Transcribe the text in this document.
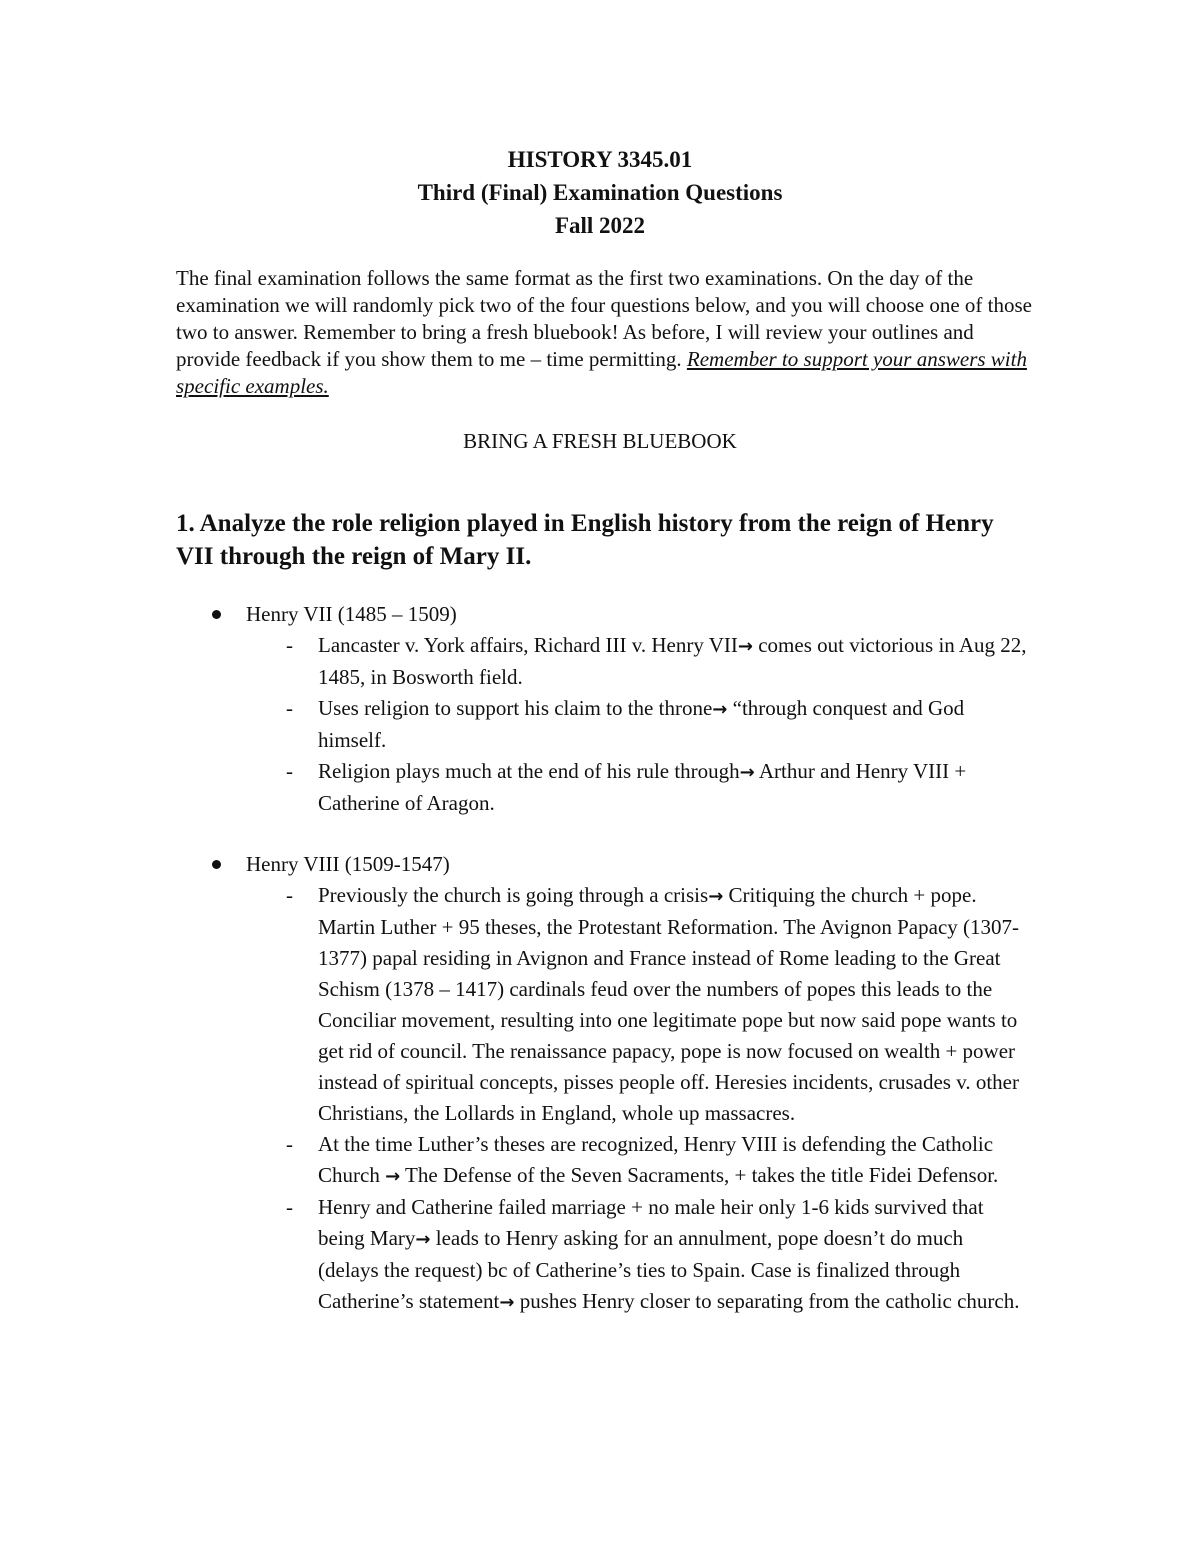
HISTORY 3345.01
Third (Final) Examination Questions
Fall 2022
The final examination follows the same format as the first two examinations. On the day of the examination we will randomly pick two of the four questions below, and you will choose one of those two to answer. Remember to bring a fresh bluebook! As before, I will review your outlines and provide feedback if you show them to me – time permitting. Remember to support your answers with specific examples.
BRING A FRESH BLUEBOOK
1. Analyze the role religion played in English history from the reign of Henry VII through the reign of Mary II.
Henry VII (1485 – 1509)
- Lancaster v. York affairs, Richard III v. Henry VII→ comes out victorious in Aug 22, 1485, in Bosworth field.
- Uses religion to support his claim to the throne→ “through conquest and God himself.
- Religion plays much at the end of his rule through→ Arthur and Henry VIII + Catherine of Aragon.
Henry VIII (1509-1547)
- Previously the church is going through a crisis→ Critiquing the church + pope. Martin Luther + 95 theses, the Protestant Reformation. The Avignon Papacy (1307-1377) papal residing in Avignon and France instead of Rome leading to the Great Schism (1378 – 1417) cardinals feud over the numbers of popes this leads to the Conciliar movement, resulting into one legitimate pope but now said pope wants to get rid of council. The renaissance papacy, pope is now focused on wealth + power instead of spiritual concepts, pisses people off. Heresies incidents, crusades v. other Christians, the Lollards in England, whole up massacres.
- At the time Luther’s theses are recognized, Henry VIII is defending the Catholic Church → The Defense of the Seven Sacraments, + takes the title Fidei Defensor.
- Henry and Catherine failed marriage + no male heir only 1-6 kids survived that being Mary→ leads to Henry asking for an annulment, pope doesn’t do much (delays the request) bc of Catherine’s ties to Spain. Case is finalized through Catherine’s statement→ pushes Henry closer to separating from the catholic church.
